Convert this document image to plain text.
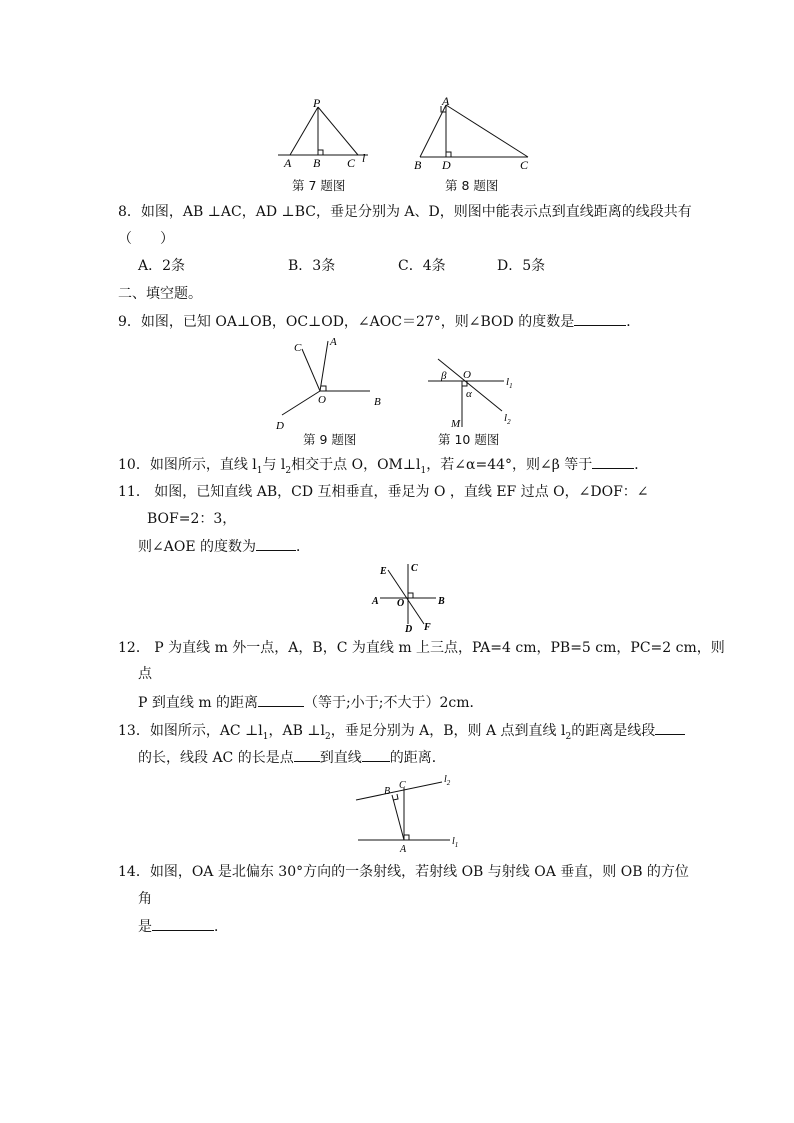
P
A B C l
第 7 题图
A
B D	C
第 8 题图
8．如图，AB ⊥AC，AD ⊥BC，垂足分别为 A、D，则图中能表示点到直线距离的线段共有
（　　）
A．2条	B．3条	C．4条	D．5条
二、填空题。
9．如图，已知 OA⊥OB，OC⊥OD，∠AOC＝27°，则∠BOD 的度数是	．
C	A
O	B
D
第 9 题图
β O
α
M
$l_1$
$l_2$
第 10 题图
10．如图所示，直线 $l_1$与 $l_2$相交于点 O，$OM\perp l_1$，若∠α=44°，则∠β 等于	．
11． 如图，已知直线 AB，CD 互相垂直，垂足为 O ，直线 EF 过点 O，∠DOF：∠
BOF=2：3，
则∠AOE 的度数为	．
E C
A O	B
D F
12． P 为直线 m 外一点，A，B，C 为直线 m 上三点，PA=4 cm，PB=5 cm，PC=2 cm，则
点
P 到直线 m 的距离	（等于;小于;不大于）2cm．
13．如图所示，AC $\perp l_1$，AB $\perp l_2$，垂足分别为 A，B，则 A 点到直线 $l_2$的距离是线段
的长，线段 AC 的长是点 到直线 的距离．
B
C
A
$l_2$
$l_1$
14．如图，OA 是北偏东 30°方向的一条射线，若射线 OB 与射线 OA 垂直，则 OB 的方位
角
是	．
